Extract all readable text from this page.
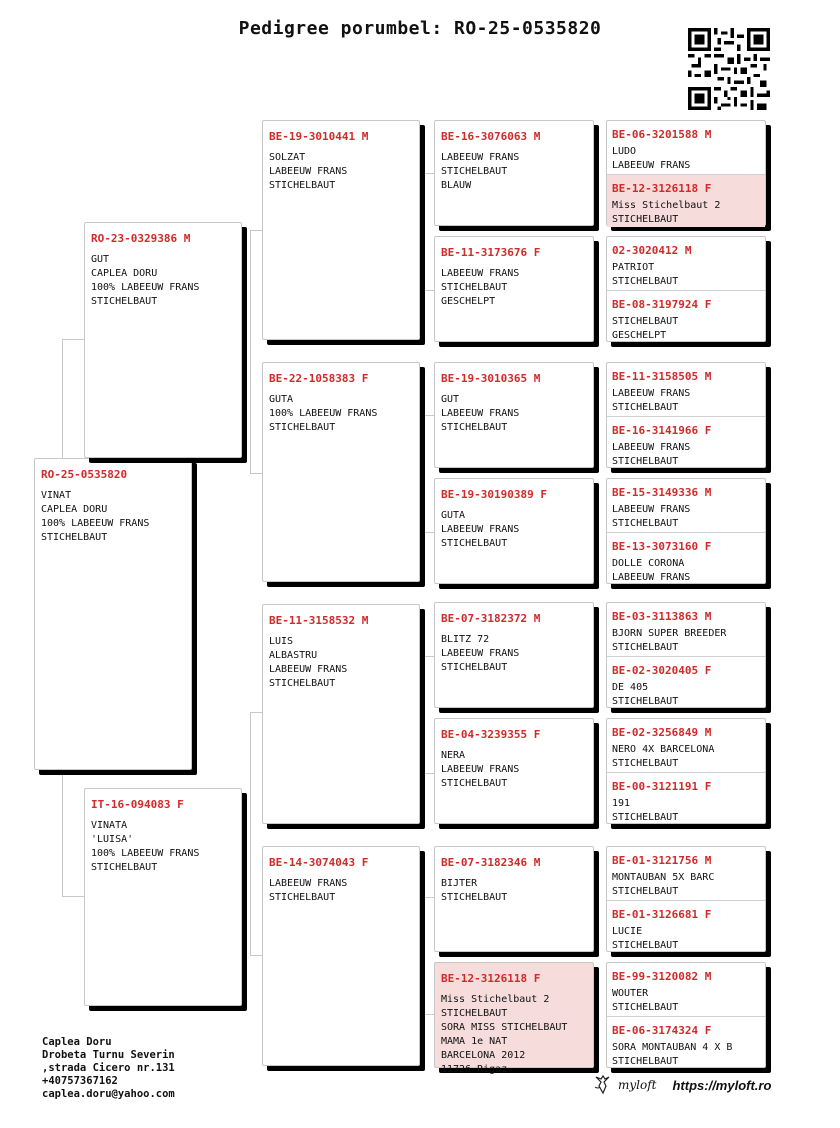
Pedigree porumbel: RO-25-0535820
RO-25-0535820
VINAT
CAPLEA DORU
100% LABEEUW FRANS
STICHELBAUT
RO-23-0329386 M
GUT
CAPLEA DORU
100% LABEEUW FRANS
STICHELBAUT
IT-16-094083 F
VINATA
'LUISA'
100% LABEEUW FRANS
STICHELBAUT
BE-19-3010441 M
SOLZAT
LABEEUW FRANS
STICHELBAUT
BE-22-1058383 F
GUTA
100% LABEEUW FRANS
STICHELBAUT
BE-11-3158532 M
LUIS
ALBASTRU
LABEEUW FRANS
STICHELBAUT
BE-14-3074043 F
LABEEUW FRANS
STICHELBAUT
BE-16-3076063 M
LABEEUW FRANS
STICHELBAUT
BLAUW
BE-11-3173676 F
LABEEUW FRANS
STICHELBAUT
GESCHELPT
BE-19-3010365 M
GUT
LABEEUW FRANS
STICHELBAUT
BE-19-30190389 F
GUTA
LABEEUW FRANS
STICHELBAUT
BE-07-3182372 M
BLITZ 72
LABEEUW FRANS
STICHELBAUT
BE-04-3239355 F
NERA
LABEEUW FRANS
STICHELBAUT
BE-07-3182346 M
BIJTER
STICHELBAUT
BE-12-3126118 F
Miss Stichelbaut 2
STICHELBAUT
SORA MISS STICHELBAUT
MAMA 1e NAT
BARCELONA 2012
11726 Rigaz
BE-06-3201588 M
LUDO
LABEEUW FRANS
BE-12-3126118 F
Miss Stichelbaut 2
STICHELBAUT
02-3020412 M
PATRIOT
STICHELBAUT
BE-08-3197924 F
STICHELBAUT
GESCHELPT
BE-11-3158505 M
LABEEUW FRANS
STICHELBAUT
BE-16-3141966 F
LABEEUW FRANS
STICHELBAUT
BE-15-3149336 M
LABEEUW FRANS
STICHELBAUT
BE-13-3073160 F
DOLLE CORONA
LABEEUW FRANS
BE-03-3113863 M
BJORN SUPER BREEDER
STICHELBAUT
BE-02-3020405 F
DE 405
STICHELBAUT
BE-02-3256849 M
NERO 4X BARCELONA
STICHELBAUT
BE-00-3121191 F
191
STICHELBAUT
BE-01-3121756 M
MONTAUBAN 5X BARC
STICHELBAUT
BE-01-3126681 F
LUCIE
STICHELBAUT
BE-99-3120082 M
WOUTER
STICHELBAUT
BE-06-3174324 F
SORA MONTAUBAN 4 X B
STICHELBAUT
Caplea Doru
Drobeta Turnu Severin
,strada Cicero nr.131
+40757367162
caplea.doru@yahoo.com
myloft https://myloft.ro
